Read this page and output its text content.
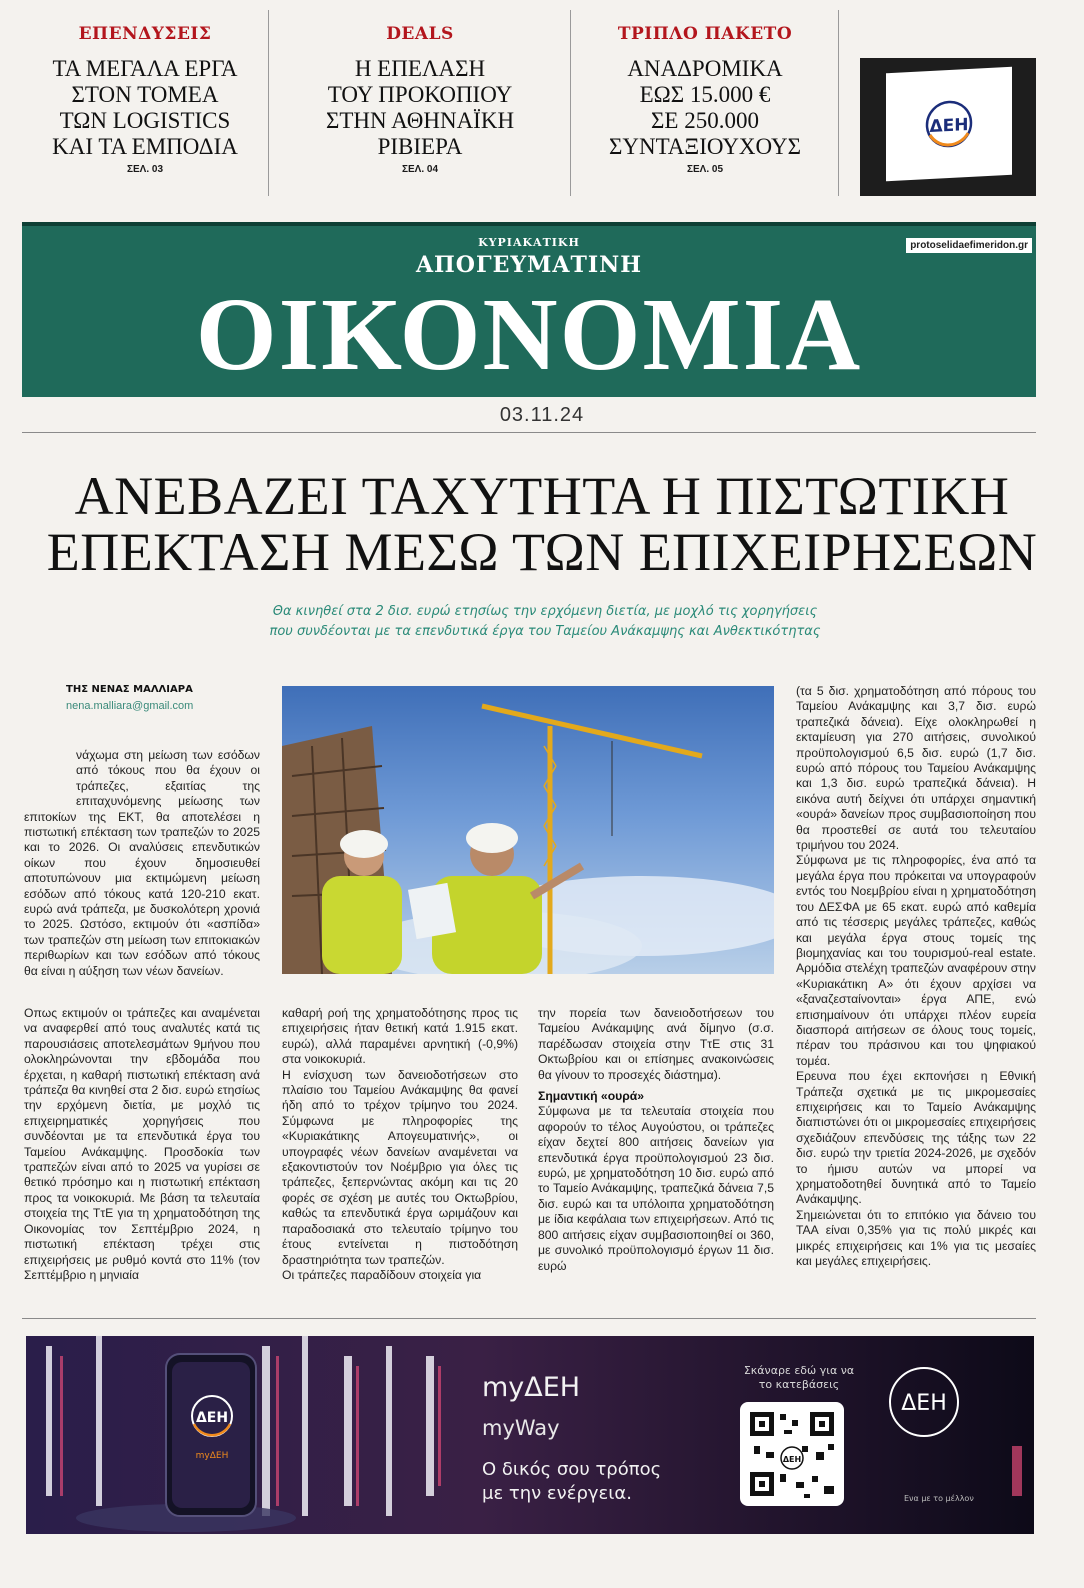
ΕΠΕΝΔΥΣΕΙΣ
ΤΑ ΜΕΓΑΛΑ ΕΡΓΑ
ΣΤΟΝ ΤΟΜΕΑ
ΤΩΝ LOGISTICS
ΚΑΙ ΤΑ ΕΜΠΟΔΙΑ
ΣΕΛ. 03
DEALS
Η ΕΠΕΛΑΣΗ
ΤΟΥ ΠΡΟΚΟΠΙΟΥ
ΣΤΗΝ ΑΘΗΝΑΪΚΗ
ΡΙΒΙΕΡΑ
ΣΕΛ. 04
ΤΡΙΠΛΟ ΠΑΚΕΤΟ
ΑΝΑΔΡΟΜΙΚΑ
ΕΩΣ 15.000 €
ΣΕ 250.000
ΣΥΝΤΑΞΙΟΥΧΟΥΣ
ΣΕΛ. 05
ΔΕΗ
ΚΥΡΙΑΚΑΤΙΚΗ
ΑΠΟΓΕΥΜΑΤΙΝΗ
ΟΙΚΟΝΟΜΙΑ
protoselidaefimeridon.gr
03.11.24
ΑΝΕΒΑΖΕΙ ΤΑΧΥΤΗΤΑ Η ΠΙΣΤΩΤΙΚΗ
ΕΠΕΚΤΑΣΗ ΜΕΣΩ ΤΩΝ ΕΠΙΧΕΙΡΗΣΕΩΝ
Θα κινηθεί στα 2 δισ. ευρώ ετησίως την ερχόμενη διετία, με μοχλό τις χορηγήσεις
που συνδέονται με τα επενδυτικά έργα του Ταμείου Ανάκαμψης και Ανθεκτικότητας
ΤΗΣ ΝΕΝΑΣ ΜΑΛΛΙΑΡΑ
nena.malliara@gmail.com

νάχωμα στη μείωση των εσόδων από τόκους που θα έχουν οι τράπεζες, εξαιτίας της επιταχυνόμενης μείωσης των επιτοκίων της ΕΚΤ, θα αποτελέσει η πιστωτική επέκταση των τραπεζών το 2025 και το 2026. Οι αναλύσεις επενδυτικών οίκων που έχουν δημοσιευθεί αποτυπώνουν μια εκτιμώμενη μείωση εσόδων από τόκους κατά 120-210 εκατ. ευρώ ανά τράπεζα, με δυσκολότερη χρονιά το 2025. Ωστόσο, εκτιμούν ότι «ασπίδα» των τραπεζών στη μείωση των επιτοκιακών περιθωρίων και των εσόδων από τόκους θα είναι η αύξηση των νέων δανείων.

Οπως εκτιμούν οι τράπεζες και αναμένεται να αναφερθεί από τους αναλυτές κατά τις παρουσιάσεις αποτελεσμάτων 9μήνου που ολοκληρώνονται την εβδομάδα που έρχεται, η καθαρή πιστωτική επέκταση ανά τράπεζα θα κινηθεί στα 2 δισ. ευρώ ετησίως την ερχόμενη διετία, με μοχλό τις επιχειρηματικές χορηγήσεις που συνδέονται με τα επενδυτικά έργα του Ταμείου Ανάκαμψης. Προσδοκία των τραπεζών είναι από το 2025 να γυρίσει σε θετικό πρόσημο και η πιστωτική επέκταση προς τα νοικοκυριά. Με βάση τα τελευταία στοιχεία της ΤτΕ για τη χρηματοδότηση της Οικονομίας τον Σεπτέμβριο 2024, η πιστωτική επέκταση τρέχει στις επιχειρήσεις με ρυθμό κοντά στο 11% (τον Σεπτέμβριο η μηνιαία

καθαρή ροή της χρηματοδότησης προς τις επιχειρήσεις ήταν θετική κατά 1.915 εκατ. ευρώ), αλλά παραμένει αρνητική (-0,9%) στα νοικοκυριά.

Η ενίσχυση των δανειοδοτήσεων στο πλαίσιο του Ταμείου Ανάκαμψης θα φανεί ήδη από το τρέχον τρίμηνο του 2024. Σύμφωνα με πληροφορίες της «Κυριακάτικης Απογευματινής», οι υπογραφές νέων δανείων αναμένεται να εξακοντιστούν τον Νοέμβριο για όλες τις τράπεζες, ξεπερνώντας ακόμη και τις 20 φορές σε σχέση με αυτές του Οκτωβρίου, καθώς τα επενδυτικά έργα ωριμάζουν και παραδοσιακά στο τελευταίο τρίμηνο του έτους εντείνεται η πιστοδότηση δραστηριότητα των τραπεζών.

Οι τράπεζες παραδίδουν στοιχεία για

την πορεία των δανειοδοτήσεων του Ταμείου Ανάκαμψης ανά δίμηνο (σ.σ. παρέδωσαν στοιχεία στην ΤτΕ στις 31 Οκτωβρίου και οι επίσημες ανακοινώσεις θα γίνουν το προσεχές διάστημα).

Σημαντική «ουρά»

Σύμφωνα με τα τελευταία στοιχεία που αφορούν το τέλος Αυγούστου, οι τράπεζες είχαν δεχτεί 800 αιτήσεις δανείων για επενδυτικά έργα προϋπολογισμού 23 δισ. ευρώ, με χρηματοδότηση 10 δισ. ευρώ από το Ταμείο Ανάκαμψης, τραπεζικά δάνεια 7,5 δισ. ευρώ και τα υπόλοιπα χρηματοδότηση με ίδια κεφάλαια των επιχειρήσεων. Από τις 800 αιτήσεις είχαν συμβασιοποιηθεί οι 360, με συνολικό προϋπολογισμό έργων 11 δισ. ευρώ

(τα 5 δισ. χρηματοδότηση από πόρους του Ταμείου Ανάκαμψης και 3,7 δισ. ευρώ τραπεζικά δάνεια). Είχε ολοκληρωθεί η εκταμίευση για 270 αιτήσεις, συνολικού προϋπολογισμού 6,5 δισ. ευρώ (1,7 δισ. ευρώ από πόρους του Ταμείου Ανάκαμψης και 1,3 δισ. ευρώ τραπεζικά δάνεια). Η εικόνα αυτή δείχνει ότι υπάρχει σημαντική «ουρά» δανείων προς συμβασιοποίηση που θα προστεθεί σε αυτά του τελευταίου τριμήνου του 2024.

Σύμφωνα με τις πληροφορίες, ένα από τα μεγάλα έργα που πρόκειται να υπογραφούν εντός του Νοεμβρίου είναι η χρηματοδότηση του ΔΕΣΦΑ με 65 εκατ. ευρώ από καθεμία από τις τέσσερις μεγάλες τράπεζες, καθώς και μεγάλα έργα στους τομείς της βιομηχανίας και του τουρισμού-real estate. Αρμόδια στελέχη τραπεζών αναφέρουν στην «Κυριακάτικη Α» ότι έχουν αρχίσει να «ξαναζεσταίνονται» έργα ΑΠΕ, ενώ επισημαίνουν ότι υπάρχει πλέον ευρεία διασπορά αιτήσεων σε όλους τους τομείς, πέραν του πράσινου και του ψηφιακού τομέα.

Ερευνα που έχει εκπονήσει η Εθνική Τράπεζα σχετικά με τις μικρομεσαίες επιχειρήσεις και το Ταμείο Ανάκαμψης διαπιστώνει ότι οι μικρομεσαίες επιχειρήσεις σχεδιάζουν επενδύσεις της τάξης των 22 δισ. ευρώ την τριετία 2024-2026, με σχεδόν το ήμισυ αυτών να μπορεί να χρηματοδοτηθεί δυνητικά από το Ταμείο Ανάκαμψης.

Σημειώνεται ότι το επιτόκιο για δάνειο του ΤΑΑ είναι 0,35% για τις πολύ μικρές και μικρές επιχειρήσεις και 1% για τις μεσαίες και μεγάλες επιχειρήσεις.

ΔΕΗ
myΔΕΗ
ΔΕΗ
myΔΕΗ
myWay
Ο δικός σου τρόπος
με την ενέργεια.
Σκάναρε εδώ για να το κατεβάσεις
ΔΕΗ
Ενα με το μέλλον
